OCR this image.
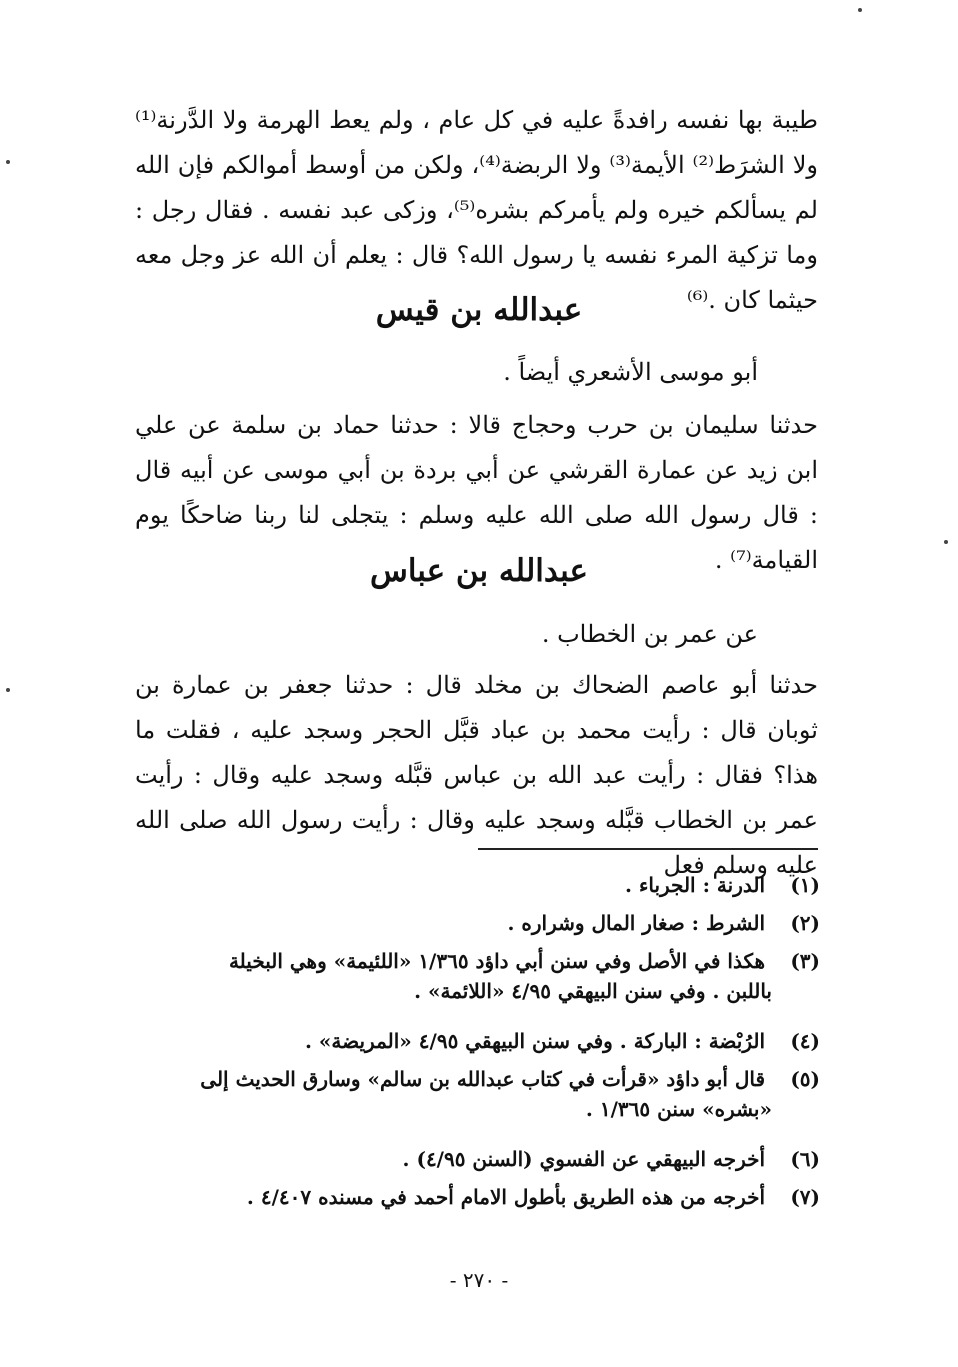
طيبة بها نفسه رافدةً عليه في كل عام ، ولم يعط الهرمة ولا الدَّرنة⁽¹⁾ ولا الشرَط⁽²⁾ الأيمة⁽³⁾ ولا الربضة⁽⁴⁾، ولكن من أوسط أموالكم فإن الله لم يسألكم خيره ولم يأمركم بشره⁽⁵⁾، وزكى عبد نفسه . فقال رجل : وما تزكية المرء نفسه يا رسول الله؟ قال : يعلم أن الله عز وجل معه حيثما كان .⁽⁶⁾
عبدالله بن قيس
أبو موسى الأشعري أيضاً .
حدثنا سليمان بن حرب وحجاج قالا : حدثنا حماد بن سلمة عن علي ابن زيد عن عمارة القرشي عن أبي بردة بن أبي موسى عن أبيه قال : قال رسول الله صلى الله عليه وسلم : يتجلى لنا ربنا ضاحكًا يوم القيامة⁽⁷⁾ .
عبدالله بن عباس
عن عمر بن الخطاب .
حدثنا أبو عاصم الضحاك بن مخلد قال : حدثنا جعفر بن عمارة بن ثوبان قال : رأيت محمد بن عباد قبَّل الحجر وسجد عليه ، فقلت ما هذا؟ فقال : رأيت عبد الله بن عباس قبَّله وسجد عليه وقال : رأيت عمر بن الخطاب قبَّله وسجد عليه وقال : رأيت رسول الله صلى الله عليه وسلم فعل
(١) الدرنة : الجرباء .
(٢) الشرط : صغار المال وشراره .
(٣) هكذا في الأصل وفي سنن أبي داؤد ١/٣٦٥ «اللئيمة» وهي البخيلة
باللبن . وفي سنن البيهقي ٤/٩٥ «اللائمة» .
(٤) الرُبْضة : الباركة . وفي سنن البيهقي ٤/٩٥ «المريضة» .
(٥) قال أبو داؤد «قرأت في كتاب عبدالله بن سالم» وسارق الحديث إلى
«بشره» سنن ١/٣٦٥ .
(٦) أخرجه البيهقي عن الفسوي (السنن ٤/٩٥) .
(٧) أخرجه من هذه الطريق بأطول الامام أحمد في مسنده ٤/٤٠٧ .
- ٢٧٠ -
